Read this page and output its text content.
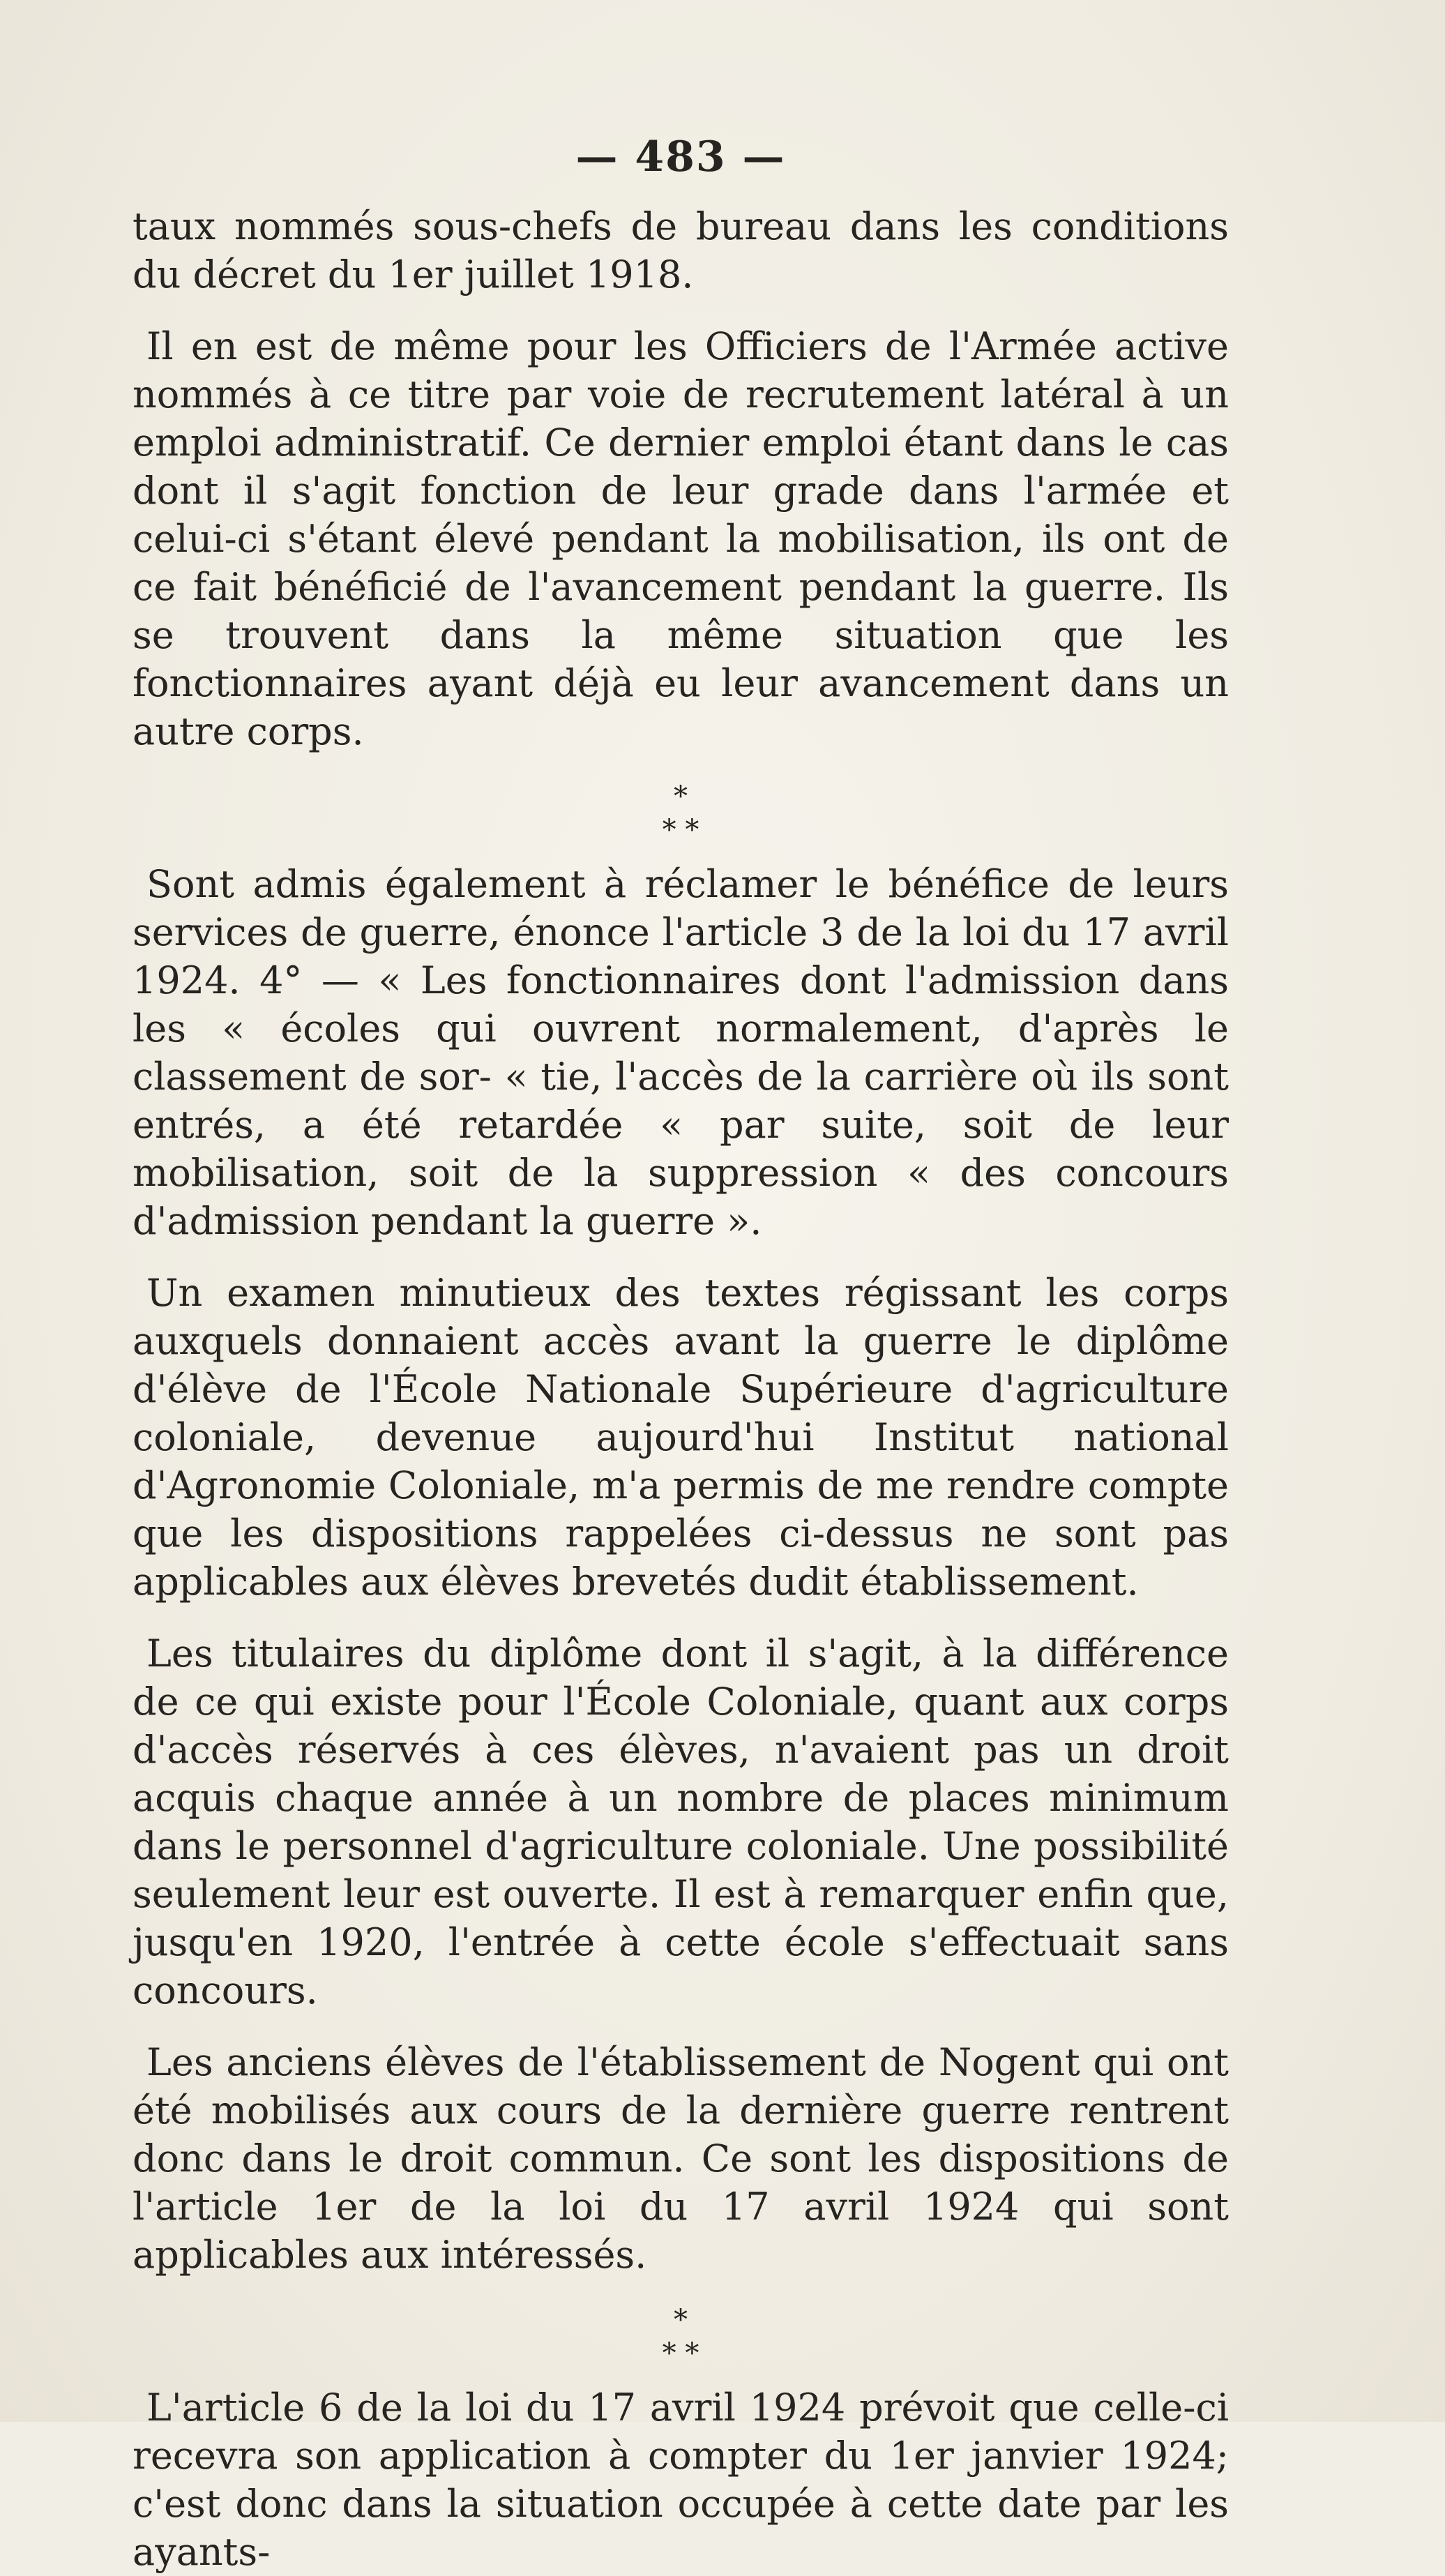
— 483 —

taux nommés sous-chefs de bureau dans les conditions du décret du 1er juillet 1918.

Il en est de même pour les Officiers de l'Armée active nommés à ce titre par voie de recrutement latéral à un emploi administratif. Ce dernier emploi étant dans le cas dont il s'agit fonction de leur grade dans l'armée et celui-ci s'étant élevé pendant la mobilisation, ils ont de ce fait bénéficié de l'avancement pendant la guerre. Ils se trouvent dans la même situation que les fonctionnaires ayant déjà eu leur avancement dans un autre corps.

*
* *

Sont admis également à réclamer le bénéfice de leurs services de guerre, énonce l'article 3 de la loi du 17 avril 1924. 4° — « Les fonctionnaires dont l'admission dans les « écoles qui ouvrent normalement, d'après le classement de sor- « tie, l'accès de la carrière où ils sont entrés, a été retardée « par suite, soit de leur mobilisation, soit de la suppression « des concours d'admission pendant la guerre ».

Un examen minutieux des textes régissant les corps auxquels donnaient accès avant la guerre le diplôme d'élève de l'École Nationale Supérieure d'agriculture coloniale, devenue aujourd'hui Institut national d'Agronomie Coloniale, m'a permis de me rendre compte que les dispositions rappelées ci-dessus ne sont pas applicables aux élèves brevetés dudit établissement.

Les titulaires du diplôme dont il s'agit, à la différence de ce qui existe pour l'École Coloniale, quant aux corps d'accès réservés à ces élèves, n'avaient pas un droit acquis chaque année à un nombre de places minimum dans le personnel d'agriculture coloniale. Une possibilité seulement leur est ouverte. Il est à remarquer enfin que, jusqu'en 1920, l'entrée à cette école s'effectuait sans concours.

Les anciens élèves de l'établissement de Nogent qui ont été mobilisés aux cours de la dernière guerre rentrent donc dans le droit commun. Ce sont les dispositions de l'article 1er de la loi du 17 avril 1924 qui sont applicables aux intéressés.

*
* *

L'article 6 de la loi du 17 avril 1924 prévoit que celle-ci recevra son application à compter du 1er janvier 1924; c'est donc dans la situation occupée à cette date par les ayants-
